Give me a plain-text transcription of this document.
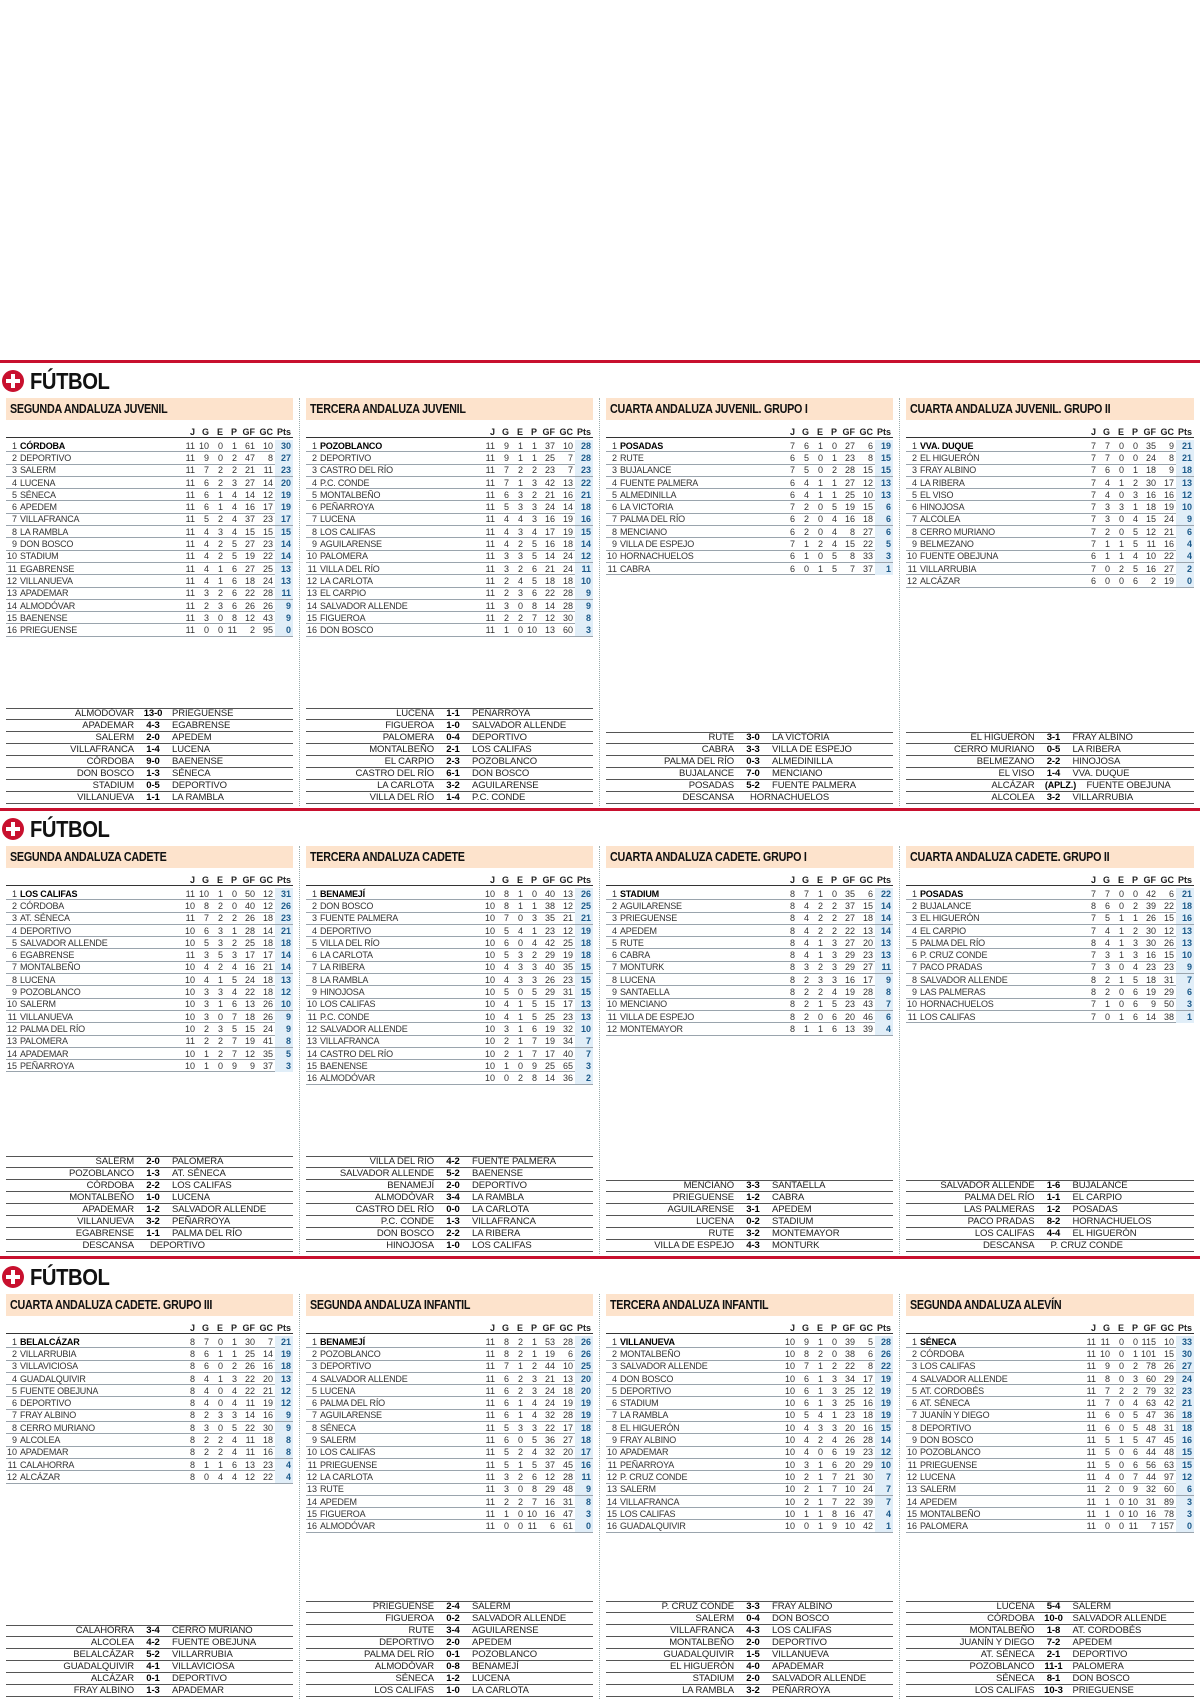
FÚTBOL
SEGUNDA ANDALUZA JUVENIL
J G E P GF GC Pts
1 CÓRDOBA	11 10 0 1 61 10 30
2 DEPORTIVO	11 9 0 2 47	8 27
3 SALERM	11 7 2 2 21 11 23
4 LUCENA	11 6 2 3 27 14 20
5 SÉNECA	11 6 1 4 14 12 19
6 APEDEM	11 6 1 4 16 17 19
7 VILLAFRANCA	11 5 2 4 37 23 17
8 LA RAMBLA	11 4 3 4 15 15 15
9 DON BOSCO	11 4 2 5 27 23 14
10 STADIUM	11 4 2 5 19 22 14
11 EGABRENSE	11 4 1 6 27 25 13
12 VILLANUEVA	11 4 1 6 18 24 13
13 APADEMAR	11 3 2 6 22 28 11
14 ALMODÓVAR	11 2 3 6 26 26	9
15 BAENENSE	11 3 0 8 12 43	9
16 PRIEGUENSE	11 0 0 11	2 95	0
ALMODÓVAR	13-0	PRIEGUENSE
APADEMAR	4-3	EGABRENSE
SALERM	2-0	APEDEM
VILLAFRANCA	1-4	LUCENA
CÓRDOBA	9-0	BAENENSE
DON BOSCO	1-3	SÉNECA
STADIUM	0-5	DEPORTIVO
VILLANUEVA	1-1	LA RAMBLA
TERCERA ANDALUZA JUVENIL
J G E P GF GC Pts
1 POZOBLANCO	11 9 1 1 37 10 28
2 DEPORTIVO	11 9 1 1 25	7 28
3 CASTRO DEL RÍO	11 7 2 2 23	7 23
4 P.C. CONDE	11 7 1 3 42 13 22
5 MONTALBEÑO	11 6 3 2 21 16 21
6 PEÑARROYA	11 5 3 3 24 14 18
7 LUCENA	11 4 4 3 16 19 16
8 LOS CALIFAS	11 4 3 4 17 19 15
9 AGUILARENSE	11 4 2 5 16 18 14
10 PALOMERA	11 3 3 5 14 24 12
11 VILLA DEL RÍO	11 3 2 6 21 24 11
12 LA CARLOTA	11 2 4 5 18 18 10
13 EL CARPIO	11 2 3 6 22 28	9
14 SALVADOR ALLENDE	11 3 0 8 14 28	9
15 FIGUEROA	11 2 2 7 12 30	8
16 DON BOSCO	11 1 0 10 13 60	3
LUCENA	1-1	PEÑARROYA
FIGUEROA	1-0	SALVADOR ALLENDE
PALOMERA	0-4	DEPORTIVO
MONTALBEÑO	2-1	LOS CALIFAS
EL CARPIO	2-3	POZOBLANCO
CASTRO DEL RÍO	6-1	DON BOSCO
LA CARLOTA	3-2	AGUILARENSE
VILLA DEL RÍO	1-4	P.C. CONDE
CUARTA ANDALUZA JUVENIL. GRUPO I
J G E P GF GC Pts
1 POSADAS	7 6 1 0 27	6 19
2 RUTE	6 5 0 1 23	8 15
3 BUJALANCE	7 5 0 2 28 15 15
4 FUENTE PALMERA	6 4 1 1 27 12 13
5 ALMEDINILLA	6 4 1 1 25 10 13
6 LA VICTORIA	7 2 0 5 19 15	6
7 PALMA DEL RÍO	6 2 0 4 16 18	6
8 MENCIANO	6 2 0 4	8 27	6
9 VILLA DE ESPEJO	7 1 2 4 15 22	5
10 HORNACHUELOS	6 1 0 5	8 33	3
11 CABRA	6 0 1 5	7 37	1
RUTE	3-0	LA VICTORIA
CABRA	3-3	VILLA DE ESPEJO
PALMA DEL RÍO	0-3	ALMEDINILLA
BUJALANCE	7-0	MENCIANO
POSADAS	5-2	FUENTE PALMERA
DESCANSA	HORNACHUELOS
CUARTA ANDALUZA JUVENIL. GRUPO II
J G E P GF GC Pts
1 VVA. DUQUE	7 7 0 0 35	9 21
2 EL HIGUERÓN	7 7 0 0 24	8 21
3 FRAY ALBINO	7 6 0 1 18	9 18
4 LA RIBERA	7 4 1 2 30 17 13
5 EL VISO	7 4 0 3 16 16 12
6 HINOJOSA	7 3 3 1 18 19 10
7 ALCOLEA	7 3 0 4 15 24	9
8 CERRO MURIANO	7 2 0 5 12 21	6
9 BELMEZANO	7 1 1 5 11 16	4
10 FUENTE OBEJUNA	6 1 1 4 10 22	4
11 VILLARRUBIA	7 0 2 5 16 27	2
12 ALCÁZAR	6 0 0 6	2 19	0
EL HIGUERÓN	3-1	FRAY ALBINO
CERRO MURIANO	0-5	LA RIBERA
BELMEZANO	2-2	HINOJOSA
EL VISO	1-4	VVA. DUQUE
ALCÁZAR	(APLZ.)	FUENTE OBEJUNA
ALCOLEA	3-2	VILLARRUBIA
FÚTBOL
SEGUNDA ANDALUZA CADETE
J G E P GF GC Pts
1 LOS CALIFAS	11 10 1 0 50 12 31
2 CÓRDOBA	10 8 2 0 40 12 26
3 AT. SÉNECA	11 7 2 2 26 18 23
4 DEPORTIVO	10 6 3 1 28 14 21
5 SALVADOR ALLENDE	10 5 3 2 25 18 18
6 EGABRENSE	11 3 5 3 17 17 14
7 MONTALBEÑO	10 4 2 4 16 21 14
8 LUCENA	10 4 1 5 24 18 13
9 POZOBLANCO	10 3 3 4 22 18 12
10 SALERM	10 3 1 6 13 26 10
11 VILLANUEVA	10 3 0 7 18 26	9
12 PALMA DEL RÍO	10 2 3 5 15 24	9
13 PALOMERA	11 2 2 7 19 41	8
14 APADEMAR	10 1 2 7 12 35	5
15 PEÑARROYA	10 1 0 9	9 37	3
SALERM	2-0	PALOMERA
POZOBLANCO	1-3	AT. SÉNECA
CÓRDOBA	2-2	LOS CALIFAS
MONTALBEÑO	1-0	LUCENA
APADEMAR	1-2	SALVADOR ALLENDE
VILLANUEVA	3-2	PEÑARROYA
EGABRENSE	1-1	PALMA DEL RÍO
DESCANSA	DEPORTIVO
TERCERA ANDALUZA CADETE
J G E P GF GC Pts
1 BENAMEJÍ	10 8 1 0 40 13 26
2 DON BOSCO	10 8 1 1 38 12 25
3 FUENTE PALMERA	10 7 0 3 35 21 21
4 DEPORTIVO	10 5 4 1 23 12 19
5 VILLA DEL RÍO	10 6 0 4 42 25 18
6 LA CARLOTA	10 5 3 2 29 19 18
7 LA RIBERA	10 4 3 3 40 35 15
8 LA RAMBLA	10 4 3 3 26 23 15
9 HINOJOSA	10 5 0 5 29 31 15
10 LOS CALIFAS	10 4 1 5 15 17 13
11 P.C. CONDE	10 4 1 5 25 23 13
12 SALVADOR ALLENDE	10 3 1 6 19 32 10
13 VILLAFRANCA	10 2 1 7 19 34	7
14 CASTRO DEL RÍO	10 2 1 7 17 40	7
15 BAENENSE	10 1 0 9 25 65	3
16 ALMODÓVAR	10 0 2 8 14 36	2
VILLA DEL RÍO	4-2	FUENTE PALMERA
SALVADOR ALLENDE	5-2	BAENENSE
BENAMEJÍ	2-0	DEPORTIVO
ALMODÓVAR	3-4	LA RAMBLA
CASTRO DEL RÍO	0-0	LA CARLOTA
P.C. CONDE	1-3	VILLAFRANCA
DON BOSCO	2-2	LA RIBERA
HINOJOSA	1-0	LOS CALIFAS
CUARTA ANDALUZA CADETE. GRUPO I
J G E P GF GC Pts
1 STADIUM	8 7 1 0 35	6 22
2 AGUILARENSE	8 4 2 2 37 15 14
3 PRIEGUENSE	8 4 2 2 27 18 14
4 APEDEM	8 4 2 2 22 13 14
5 RUTE	8 4 1 3 27 20 13
6 CABRA	8 4 1 3 29 23 13
7 MONTURK	8 3 2 3 29 27 11
8 LUCENA	8 2 3 3 16 17	9
9 SANTAELLA	8 2 2 4 19 28	8
10 MENCIANO	8 2 1 5 23 43	7
11 VILLA DE ESPEJO	8 2 0 6 20 46	6
12 MONTEMAYOR	8 1 1 6 13 39	4
MENCIANO	3-3	SANTAELLA
PRIEGUENSE	1-2	CABRA
AGUILARENSE	3-1	APEDEM
LUCENA	0-2	STADIUM
RUTE	3-2	MONTEMAYOR
VILLA DE ESPEJO	4-3	MONTURK
CUARTA ANDALUZA CADETE. GRUPO II
J G E P GF GC Pts
1 POSADAS	7 7 0 0 42	6 21
2 BUJALANCE	8 6 0 2 39 22 18
3 EL HIGUERÓN	7 5 1 1 26 15 16
4 EL CARPIO	7 4 1 2 30 12 13
5 PALMA DEL RÍO	8 4 1 3 30 26 13
6 P. CRUZ CONDE	7 3 1 3 16 15 10
7 PACO PRADAS	7 3 0 4 23 23	9
8 SALVADOR ALLENDE	8 2 1 5 18 31	7
9 LAS PALMERAS	8 2 0 6 19 29	6
10 HORNACHUELOS	7 1 0 6	9 50	3
11 LOS CALIFAS	7 0 1 6 14 38	1
SALVADOR ALLENDE	1-6	BUJALANCE
PALMA DEL RÍO	1-1	EL CARPIO
LAS PALMERAS	1-2	POSADAS
PACO PRADAS	8-2	HORNACHUELOS
LOS CALIFAS	4-4	EL HIGUERÓN
DESCANSA	P. CRUZ CONDE
FÚTBOL
CUARTA ANDALUZA CADETE. GRUPO III
J G E P GF GC Pts
1 BELALCÁZAR	8 7 0 1 30	7 21
2 VILLARRUBIA	8 6 1 1 25 14 19
3 VILLAVICIOSA	8 6 0 2 26 16 18
4 GUADALQUIVIR	8 4 1 3 22 20 13
5 FUENTE OBEJUNA	8 4 0 4 22 21 12
6 DEPORTIVO	8 4 0 4 11 19 12
7 FRAY ALBINO	8 2 3 3 14 16	9
8 CERRO MURIANO	8 3 0 5 22 30	9
9 ALCOLEA	8 2 2 4 11 18	8
10 APADEMAR	8 2 2 4 11 16	8
11 CALAHORRA	8 1 1 6 13 23	4
12 ALCÁZAR	8 0 4 4 12 22	4
CALAHORRA	3-4	CERRO MURIANO
ALCOLEA	4-2	FUENTE OBEJUNA
BELALCÁZAR	5-2	VILLARRUBIA
GUADALQUIVIR	4-1	VILLAVICIOSA
ALCÁZAR	0-1	DEPORTIVO
FRAY ALBINO	1-3	APADEMAR
SEGUNDA ANDALUZA INFANTIL
J G E P GF GC Pts
1 BENAMEJÍ	11 8 2 1 53 28 26
2 POZOBLANCO	11 8 2 1 19	6 26
3 DEPORTIVO	11 7 1 2 44 10 25
4 SALVADOR ALLENDE	11 6 2 3 21 13 20
5 LUCENA	11 6 2 3 24 18 20
6 PALMA DEL RÍO	11 6 1 4 24 19 19
7 AGUILARENSE	11 6 1 4 32 28 19
8 SÉNECA	11 5 3 3 22 17 18
9 SALERM	11 6 0 5 36 27 18
10 LOS CALIFAS	11 5 2 4 32 20 17
11 PRIEGUENSE	11 5 1 5 37 45 16
12 LA CARLOTA	11 3 2 6 12 28 11
13 RUTE	11 3 0 8 29 48	9
14 APEDEM	11 2 2 7 16 31	8
15 FIGUEROA	11 1 0 10 16 47	3
16 ALMODÓVAR	11 0 0 11	6 61	0
PRIEGUENSE	2-4	SALERM
FIGUEROA	0-2	SALVADOR ALLENDE
RUTE	3-4	AGUILARENSE
DEPORTIVO	2-0	APEDEM
PALMA DEL RÍO	0-1	POZOBLANCO
ALMODÓVAR	0-8	BENAMEJÍ
SÉNECA	1-2	LUCENA
LOS CALIFAS	1-0	LA CARLOTA
TERCERA ANDALUZA INFANTIL
J G E P GF GC Pts
1 VILLANUEVA	10 9 1 0 39	5 28
2 MONTALBEÑO	10 8 2 0 38	6 26
3 SALVADOR ALLENDE	10 7 1 2 22	8 22
4 DON BOSCO	10 6 1 3 34 17 19
5 DEPORTIVO	10 6 1 3 25 12 19
6 STADIUM	10 6 1 3 25 16 19
7 LA RAMBLA	10 5 4 1 23 18 19
8 EL HIGUERÓN	10 4 3 3 20 16 15
9 FRAY ALBINO	10 4 2 4 26 28 14
10 APADEMAR	10 4 0 6 19 23 12
11 PEÑARROYA	10 3 1 6 20 29 10
12 P. CRUZ CONDE	10 2 1 7 21 30	7
13 SALERM	10 2 1 7 10 24	7
14 VILLAFRANCA	10 2 1 7 22 39	7
15 LOS CALIFAS	10 1 1 8 16 47	4
16 GUADALQUIVIR	10 0 1 9 10 42	1
P. CRUZ CONDE	3-3	FRAY ALBINO
SALERM	0-4	DON BOSCO
VILLAFRANCA	4-3	LOS CALIFAS
MONTALBEÑO	2-0	DEPORTIVO
GUADALQUIVIR	1-5	VILLANUEVA
EL HIGUERÓN	4-0	APADEMAR
STADIUM	2-0	SALVADOR ALLENDE
LA RAMBLA	3-2	PEÑARROYA
SEGUNDA ANDALUZA ALEVÍN
J G E P GF GC Pts
1 SÉNECA	11 11 0 0 115 10 33
2 CÓRDOBA	11 10 0 1 101 15 30
3 LOS CALIFAS	11 9 0 2 78 26 27
4 SALVADOR ALLENDE	11 8 0 3 60 29 24
5 AT. CORDOBÉS	11 7 2 2 79 32 23
6 AT. SÉNECA	11 7 0 4 63 42 21
7 JUANÍN Y DIEGO	11 6 0 5 47 36 18
8 DEPORTIVO	11 6 0 5 48 31 18
9 DON BOSCO	11 5 1 5 47 45 16
10 POZOBLANCO	11 5 0 6 44 48 15
11 PRIEGUENSE	11 5 0 6 56 63 15
12 LUCENA	11 4 0 7 44 97 12
13 SALERM	11 2 0 9 32 60	6
14 APEDEM	11 1 0 10 31 89	3
15 MONTALBEÑO	11 1 0 10 16 78	3
16 PALOMERA	11 0 0 11	7 157	0
LUCENA	5-4	SALERM
CÓRDOBA	10-0	SALVADOR ALLENDE
MONTALBEÑO	1-8	AT. CORDOBÉS
JUANÍN Y DIEGO	7-2	APEDEM
AT. SÉNECA	2-1	DEPORTIVO
POZOBLANCO	11-1	PALOMERA
SÉNECA	8-1	DON BOSCO
LOS CALIFAS	10-3	PRIEGUENSE
